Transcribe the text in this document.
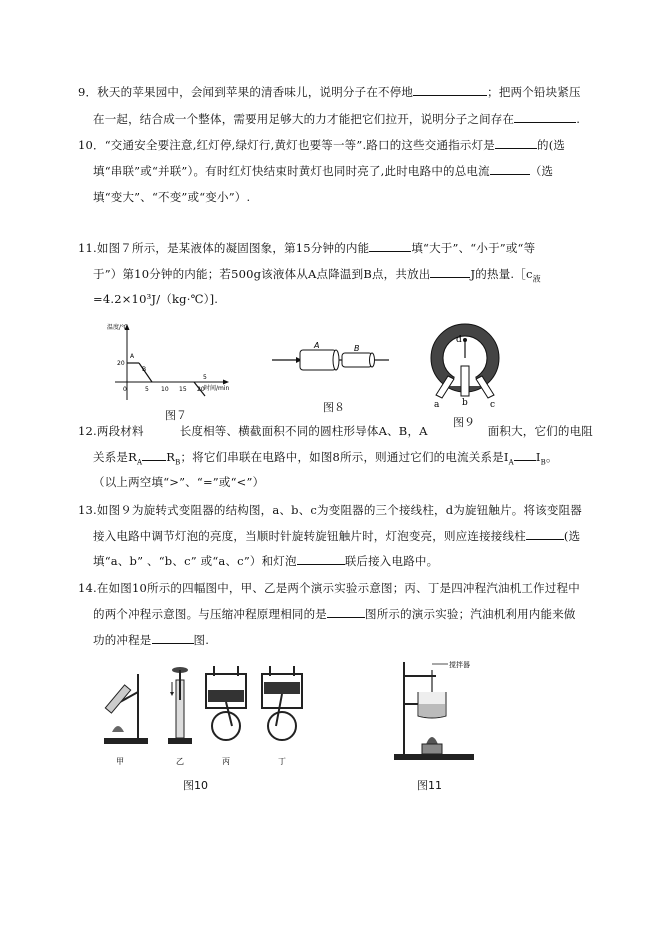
9．秋天的苹果园中，会闻到苹果的清香味儿，说明分子在不停地	；把两个铅块紧压
在一起，结合成一个整体，需要用足够大的力才能把它们拉开，说明分子之间存在	.
10．“交通安全要注意,红灯停,绿灯行,黄灯也要等一等”.路口的这些交通指示灯是	的(选
填“串联”或“并联”）。有时红灯快结束时黄灯也同时亮了,此时电路中的总电流	（选
填“变大”、“不变”或“变小”）.
11.如图７所示，是某液体的凝固图象，第15分钟的内能	填“大于”、“小于”或“等
于”）第10分钟的内能；若500g该液体从A点降温到B点，共放出	J的热量$.[c_液$
=4.2×10³J/（kg·℃）].
温度/℃
20
A
B
0	5 10 15 20
5
时间/min
图７
A	B
图８	a	b c
d
图９
12.两段材料	长度相等、横截面积不同的圆柱形导体A、B，A	面积大，它们的电阻
关系是$R_A$ $R_B$；将它们串联在电路中，如图8所示，则通过它们的电流关系是$I_A$ $I_B$。
（以上两空填“>”、“=”或“<”）
13.如图９为旋转式变阻器的结构图，a、b、c为变阻器的三个接线柱，d为旋钮触片。将该变阻器
接入电路中调节灯泡的亮度，当顺时针旋转旋钮触片时，灯泡变亮，则应连接接线柱	(选
填“a、b” 、“b、c” 或“a、c”）和灯泡	联后接入电路中。
14.在如图10所示的四幅图中，甲、乙是两个演示实验示意图；丙、丁是四冲程汽油机工作过程中
的两个冲程示意图。与压缩冲程原理相同的是	图所示的演示实验；汽油机利用内能来做
功的冲程是	图.
甲	乙	丙	丁
图10
搅拌器
图11
